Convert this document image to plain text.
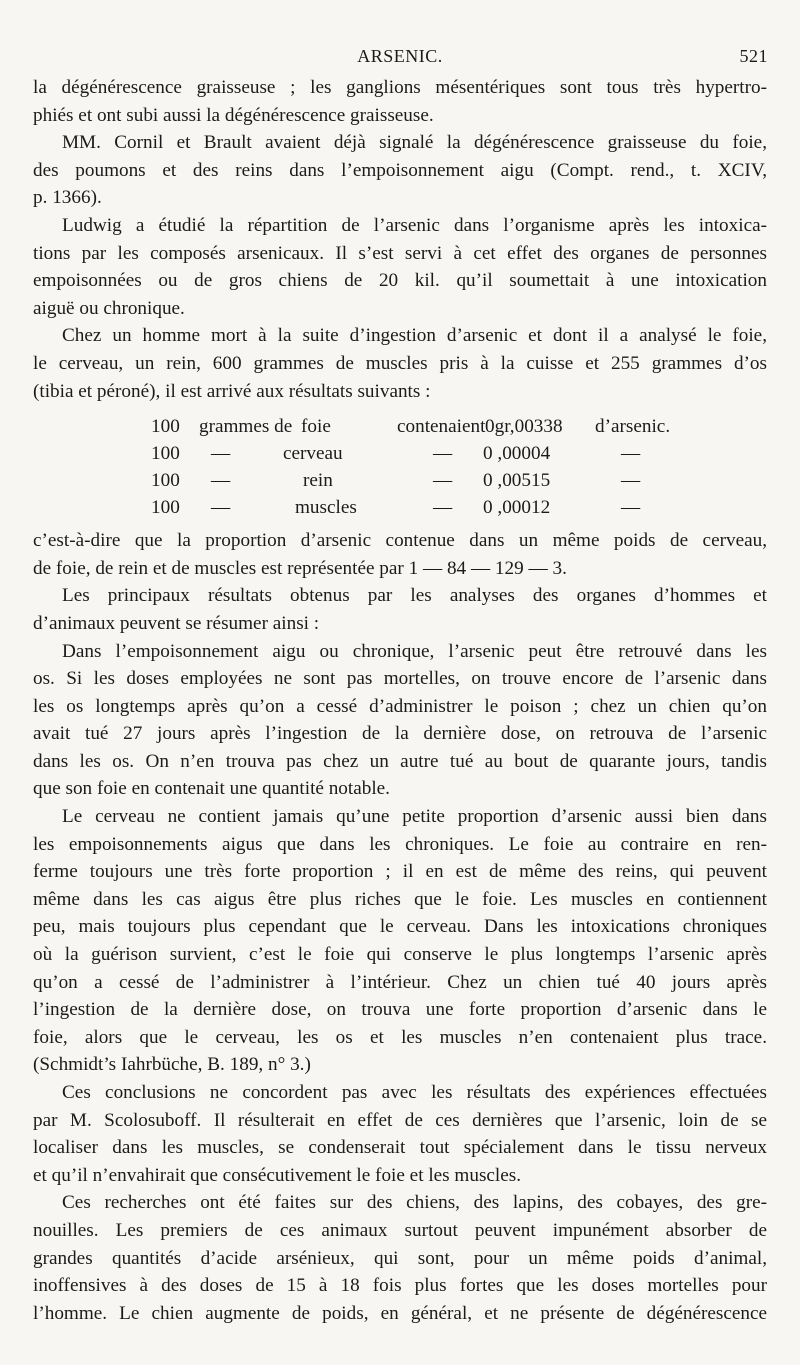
ARSENIC.	521
la dégénérescence graisseuse ; les ganglions mésentériques sont tous très hypertro-
phiés et ont subi aussi la dégénérescence graisseuse.
MM. Cornil et Brault avaient déjà signalé la dégénérescence graisseuse du foie,
des poumons et des reins dans l’empoisonnement aigu (Compt. rend., t. XCIV,
p. 1366).
Ludwig a étudié la répartition de l’arsenic dans l’organisme après les intoxica-
tions par les composés arsenicaux. Il s’est servi à cet effet des organes de personnes
empoisonnées ou de gros chiens de 20 kil. qu’il soumettait à une intoxication
aiguë ou chronique.
Chez un homme mort à la suite d’ingestion d’arsenic et dont il a analysé le foie,
le cerveau, un rein, 600 grammes de muscles pris à la cuisse et 255 grammes d’os
(tibia et péroné), il est arrivé aux résultats suivants :
100 grammes de foie	contenaient 0gr,00338 d’arsenic.
100 —	cerveau	— 0 ,00004	—
100 —	rein	— 0 ,00515	—
100 —	muscles	— 0 ,00012	—
c’est-à-dire que la proportion d’arsenic contenue dans un même poids de cerveau,
de foie, de rein et de muscles est représentée par 1 — 84 — 129 — 3.
Les principaux résultats obtenus par les analyses des organes d’hommes et
d’animaux peuvent se résumer ainsi :
Dans l’empoisonnement aigu ou chronique, l’arsenic peut être retrouvé dans les
os. Si les doses employées ne sont pas mortelles, on trouve encore de l’arsenic dans
les os longtemps après qu’on a cessé d’administrer le poison ; chez un chien qu’on
avait tué 27 jours après l’ingestion de la dernière dose, on retrouva de l’arsenic
dans les os. On n’en trouva pas chez un autre tué au bout de quarante jours, tandis
que son foie en contenait une quantité notable.
Le cerveau ne contient jamais qu’une petite proportion d’arsenic aussi bien dans
les empoisonnements aigus que dans les chroniques. Le foie au contraire en ren-
ferme toujours une très forte proportion ; il en est de même des reins, qui peuvent
même dans les cas aigus être plus riches que le foie. Les muscles en contiennent
peu, mais toujours plus cependant que le cerveau. Dans les intoxications chroniques
où la guérison survient, c’est le foie qui conserve le plus longtemps l’arsenic après
qu’on a cessé de l’administrer à l’intérieur. Chez un chien tué 40 jours après
l’ingestion de la dernière dose, on trouva une forte proportion d’arsenic dans le
foie, alors que le cerveau, les os et les muscles n’en contenaient plus trace.
(Schmidt’s Iahrbüche, B. 189, n° 3.)
Ces conclusions ne concordent pas avec les résultats des expériences effectuées
par M. Scolosuboff. Il résulterait en effet de ces dernières que l’arsenic, loin de se
localiser dans les muscles, se condenserait tout spécialement dans le tissu nerveux
et qu’il n’envahirait que consécutivement le foie et les muscles.
Ces recherches ont été faites sur des chiens, des lapins, des cobayes, des gre-
nouilles. Les premiers de ces animaux surtout peuvent impunément absorber de
grandes quantités d’acide arsénieux, qui sont, pour un même poids d’animal,
inoffensives à des doses de 15 à 18 fois plus fortes que les doses mortelles pour
l’homme. Le chien augmente de poids, en général, et ne présente de dégénérescence
